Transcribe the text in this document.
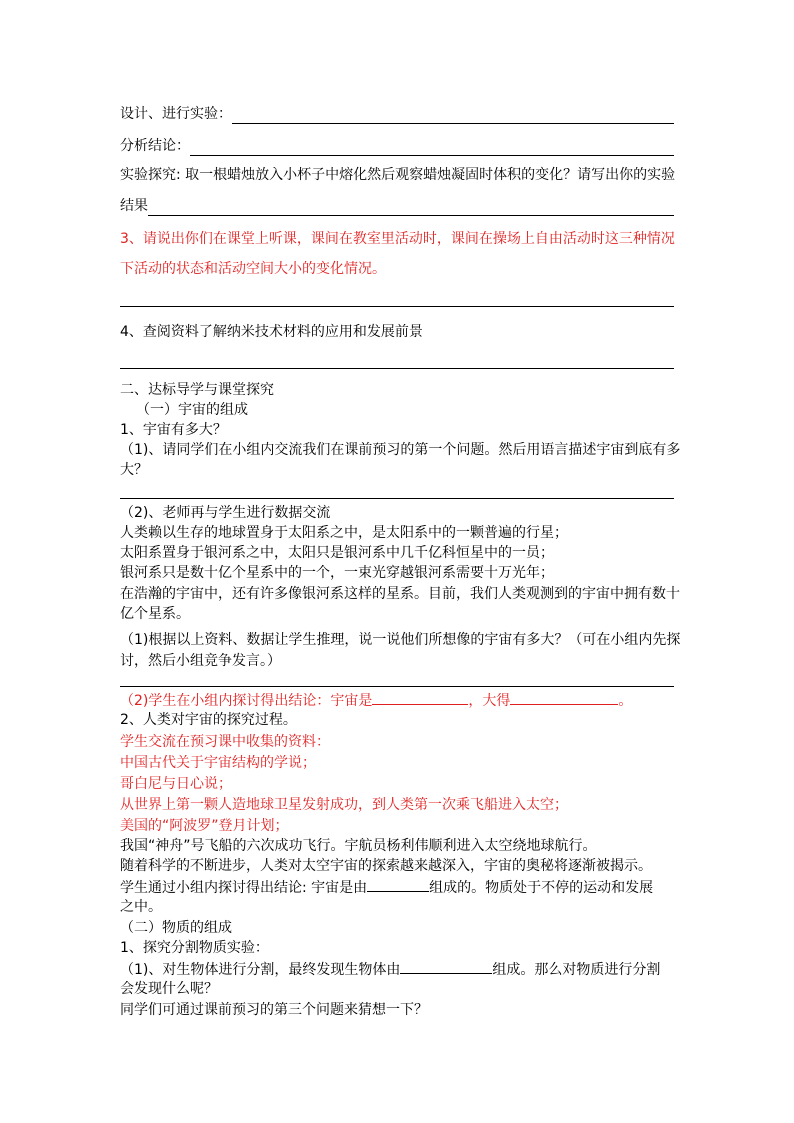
设计、进行实验：
分析结论：
实验探究: 取一根蜡烛放入小杯子中熔化然后观察蜡烛凝固时体积的变化？请写出你的实验
结果
3、请说出你们在课堂上听课，课间在教室里活动时，课间在操场上自由活动时这三种情况
下活动的状态和活动空间大小的变化情况。
4、查阅资料了解纳米技术材料的应用和发展前景
二、达标导学与课堂探究
（一）宇宙的组成
1、宇宙有多大？
（1)、请同学们在小组内交流我们在课前预习的第一个问题。然后用语言描述宇宙到底有多
大？
（2)、老师再与学生进行数据交流
人类赖以生存的地球置身于太阳系之中，是太阳系中的一颗普遍的行星；
太阳系置身于银河系之中，太阳只是银河系中几千亿科恒星中的一员；
银河系只是数十亿个星系中的一个，一束光穿越银河系需要十万光年；
在浩瀚的宇宙中，还有许多像银河系这样的星系。目前，我们人类观测到的宇宙中拥有数十
亿个星系。
（1)根据以上资料、数据让学生推理，说一说他们所想像的宇宙有多大？（可在小组内先探
讨，然后小组竞争发言。）
（2)学生在小组内探讨得出结论：宇宙是	，大得	。
2、人类对宇宙的探究过程。
学生交流在预习课中收集的资料：
中国古代关于宇宙结构的学说；
哥白尼与日心说；
从世界上第一颗人造地球卫星发射成功，到人类第一次乘飞船进入太空；
美国的“阿波罗”登月计划；
我国“神舟”号飞船的六次成功飞行。宇航员杨利伟顺利进入太空绕地球航行。
随着科学的不断进步，人类对太空宇宙的探索越来越深入，宇宙的奥秘将逐渐被揭示。
学生通过小组内探讨得出结论: 宇宙是由	组成的。物质处于不停的运动和发展
之中。
（二）物质的组成
1、探究分割物质实验：
（1)、对生物体进行分割，最终发现生物体由	组成。那么对物质进行分割
会发现什么呢？
同学们可通过课前预习的第三个问题来猜想一下？
